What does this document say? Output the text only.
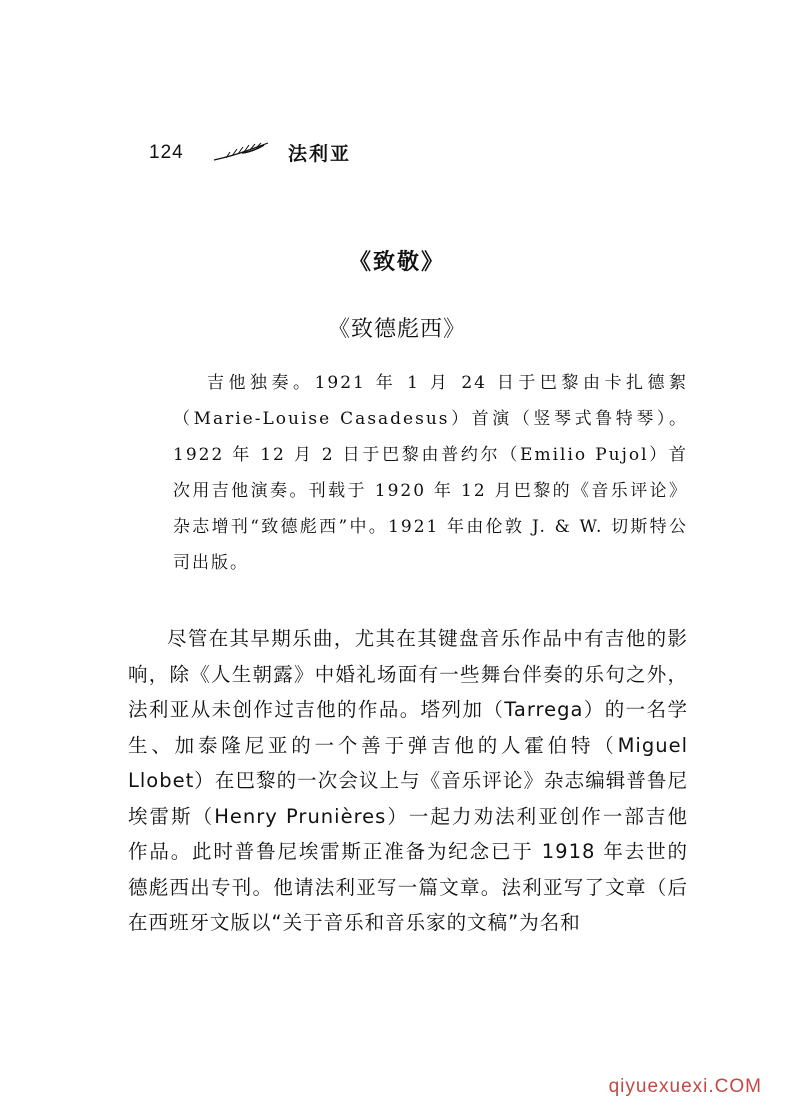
124	法利亚
《致敬》
《致德彪西》
吉他独奏。1921 年 1 月 24 日于巴黎由卡扎德絮（Marie-Louise Casadesus）首演（竖琴式鲁特琴）。1922 年 12 月 2 日于巴黎由普约尔（Emilio Pujol）首次用吉他演奏。刊载于 1920 年 12 月巴黎的《音乐评论》杂志增刊“致德彪西”中。1921 年由伦敦 J. & W. 切斯特公司出版。
尽管在其早期乐曲，尤其在其键盘音乐作品中有吉他的影响，除《人生朝露》中婚礼场面有一些舞台伴奏的乐句之外，法利亚从未创作过吉他的作品。塔列加（Tarrega）的一名学生、加泰隆尼亚的一个善于弹吉他的人霍伯特（Miguel Llobet）在巴黎的一次会议上与《音乐评论》杂志编辑普鲁尼埃雷斯（Henry Prunières）一起力劝法利亚创作一部吉他作品。此时普鲁尼埃雷斯正准备为纪念已于 1918 年去世的德彪西出专刊。他请法利亚写一篇文章。法利亚写了文章（后在西班牙文版以“关于音乐和音乐家的文稿”为名和
qiyuexuexi.COM
